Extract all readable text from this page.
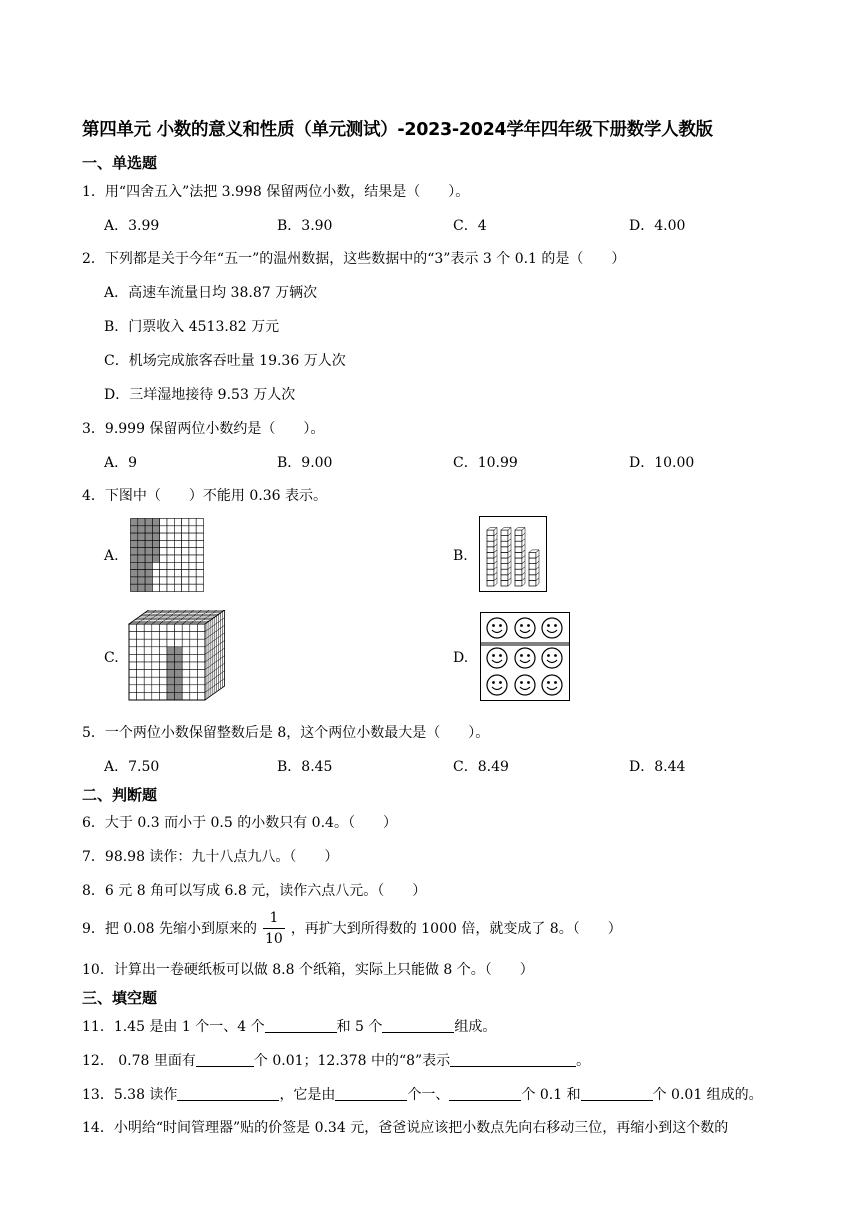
第四单元 小数的意义和性质（单元测试）-2023-2024学年四年级下册数学人教版
一、单选题
1．用“四舍五入”法把 3.998 保留两位小数，结果是（　　）。
A．3.99	B．3.90	C．4	D．4.00
2．下列都是关于今年“五一”的温州数据，这些数据中的“3”表示 3 个 0.1 的是（　　）
A．高速车流量日均 38.87 万辆次
B．门票收入 4513.82 万元
C．机场完成旅客吞吐量 19.36 万人次
D．三垟湿地接待 9.53 万人次
3．9.999 保留两位小数约是（　　）。
A．9	B．9.00	C．10.99	D．10.00
4．下图中（　　）不能用 0.36 表示。
A.	B.
C.	D.
5．一个两位小数保留整数后是 8，这个两位小数最大是（　　）。
A．7.50	B．8.45	C．8.49	D．8.44
二、判断题
6．大于 0.3 而小于 0.5 的小数只有 0.4。（　　）
7．98.98 读作：九十八点九八。（　　）
8．6 元 8 角可以写成 6.8 元，读作六点八元。（　　）
9．把 0.08 先缩小到原来的 $\frac{1}{10}$ ，再扩大到所得数的 1000 倍，就变成了 8。（　　）
10．计算出一卷硬纸板可以做 8.8 个纸箱，实际上只能做 8 个。（　　）
三、填空题
11．1.45 是由 1 个一、4 个	和 5 个	组成。
12． 0.78 里面有	个 0.01；12.378 中的“8”表示	。
13．5.38 读作	，它是由	个一、	个 0.1 和	个 0.01 组成的。
14．小明给“时间管理器”贴的价签是 0.34 元，爸爸说应该把小数点先向右移动三位，再缩小到这个数的
